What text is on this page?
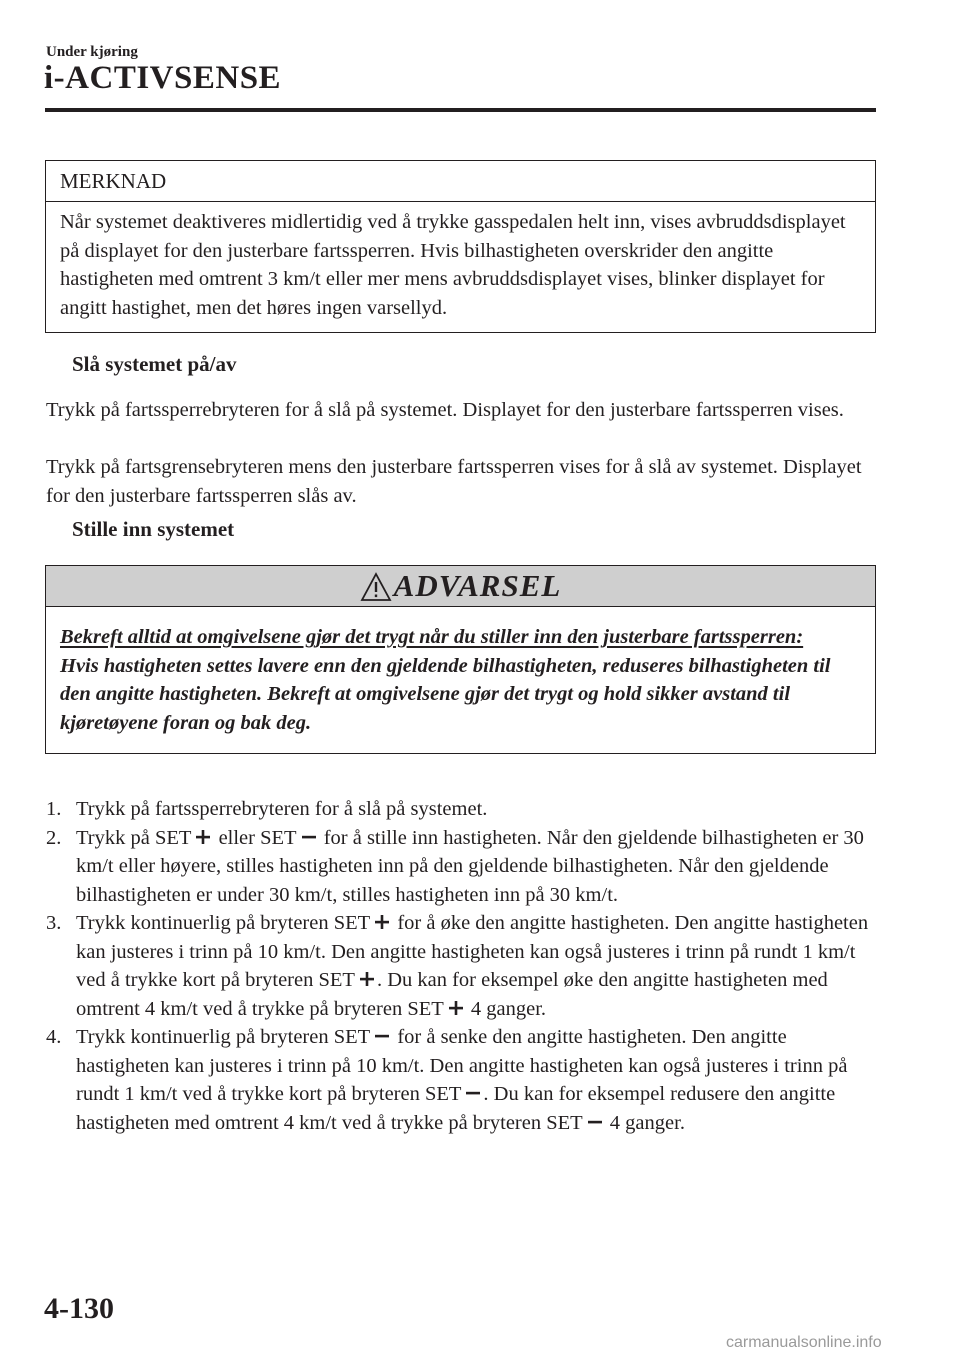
Under kjøring
i-ACTIVSENSE
MERKNAD
Når systemet deaktiveres midlertidig ved å trykke gasspedalen helt inn, vises avbruddsdisplayet på displayet for den justerbare fartssperren. Hvis bilhastigheten overskrider den angitte hastigheten med omtrent 3 km/t eller mer mens avbruddsdisplayet vises, blinker displayet for angitt hastighet, men det høres ingen varsellyd.
Slå systemet på/av
Trykk på fartssperrebryteren for å slå på systemet. Displayet for den justerbare fartssperren vises.
Trykk på fartsgrensebryteren mens den justerbare fartssperren vises for å slå av systemet. Displayet for den justerbare fartssperren slås av.
Stille inn systemet
ADVARSEL
Bekreft alltid at omgivelsene gjør det trygt når du stiller inn den justerbare fartssperren:
Hvis hastigheten settes lavere enn den gjeldende bilhastigheten, reduseres bilhastigheten til den angitte hastigheten. Bekreft at omgivelsene gjør det trygt og hold sikker avstand til kjøretøyene foran og bak deg.
1. Trykk på fartssperrebryteren for å slå på systemet.
2. Trykk på SET eller SET for å stille inn hastigheten. Når den gjeldende bilhastigheten er 30 km/t eller høyere, stilles hastigheten inn på den gjeldende bilhastigheten. Når den gjeldende bilhastigheten er under 30 km/t, stilles hastigheten inn på 30 km/t.
3. Trykk kontinuerlig på bryteren SET for å øke den angitte hastigheten. Den angitte hastigheten kan justeres i trinn på 10 km/t. Den angitte hastigheten kan også justeres i trinn på rundt 1 km/t ved å trykke kort på bryteren SET . Du kan for eksempel øke den angitte hastigheten med omtrent 4 km/t ved å trykke på bryteren SET 4 ganger.
4. Trykk kontinuerlig på bryteren SET for å senke den angitte hastigheten. Den angitte hastigheten kan justeres i trinn på 10 km/t. Den angitte hastigheten kan også justeres i trinn på rundt 1 km/t ved å trykke kort på bryteren SET . Du kan for eksempel redusere den angitte hastigheten med omtrent 4 km/t ved å trykke på bryteren SET 4 ganger.
4-130
carmanualsonline.info
